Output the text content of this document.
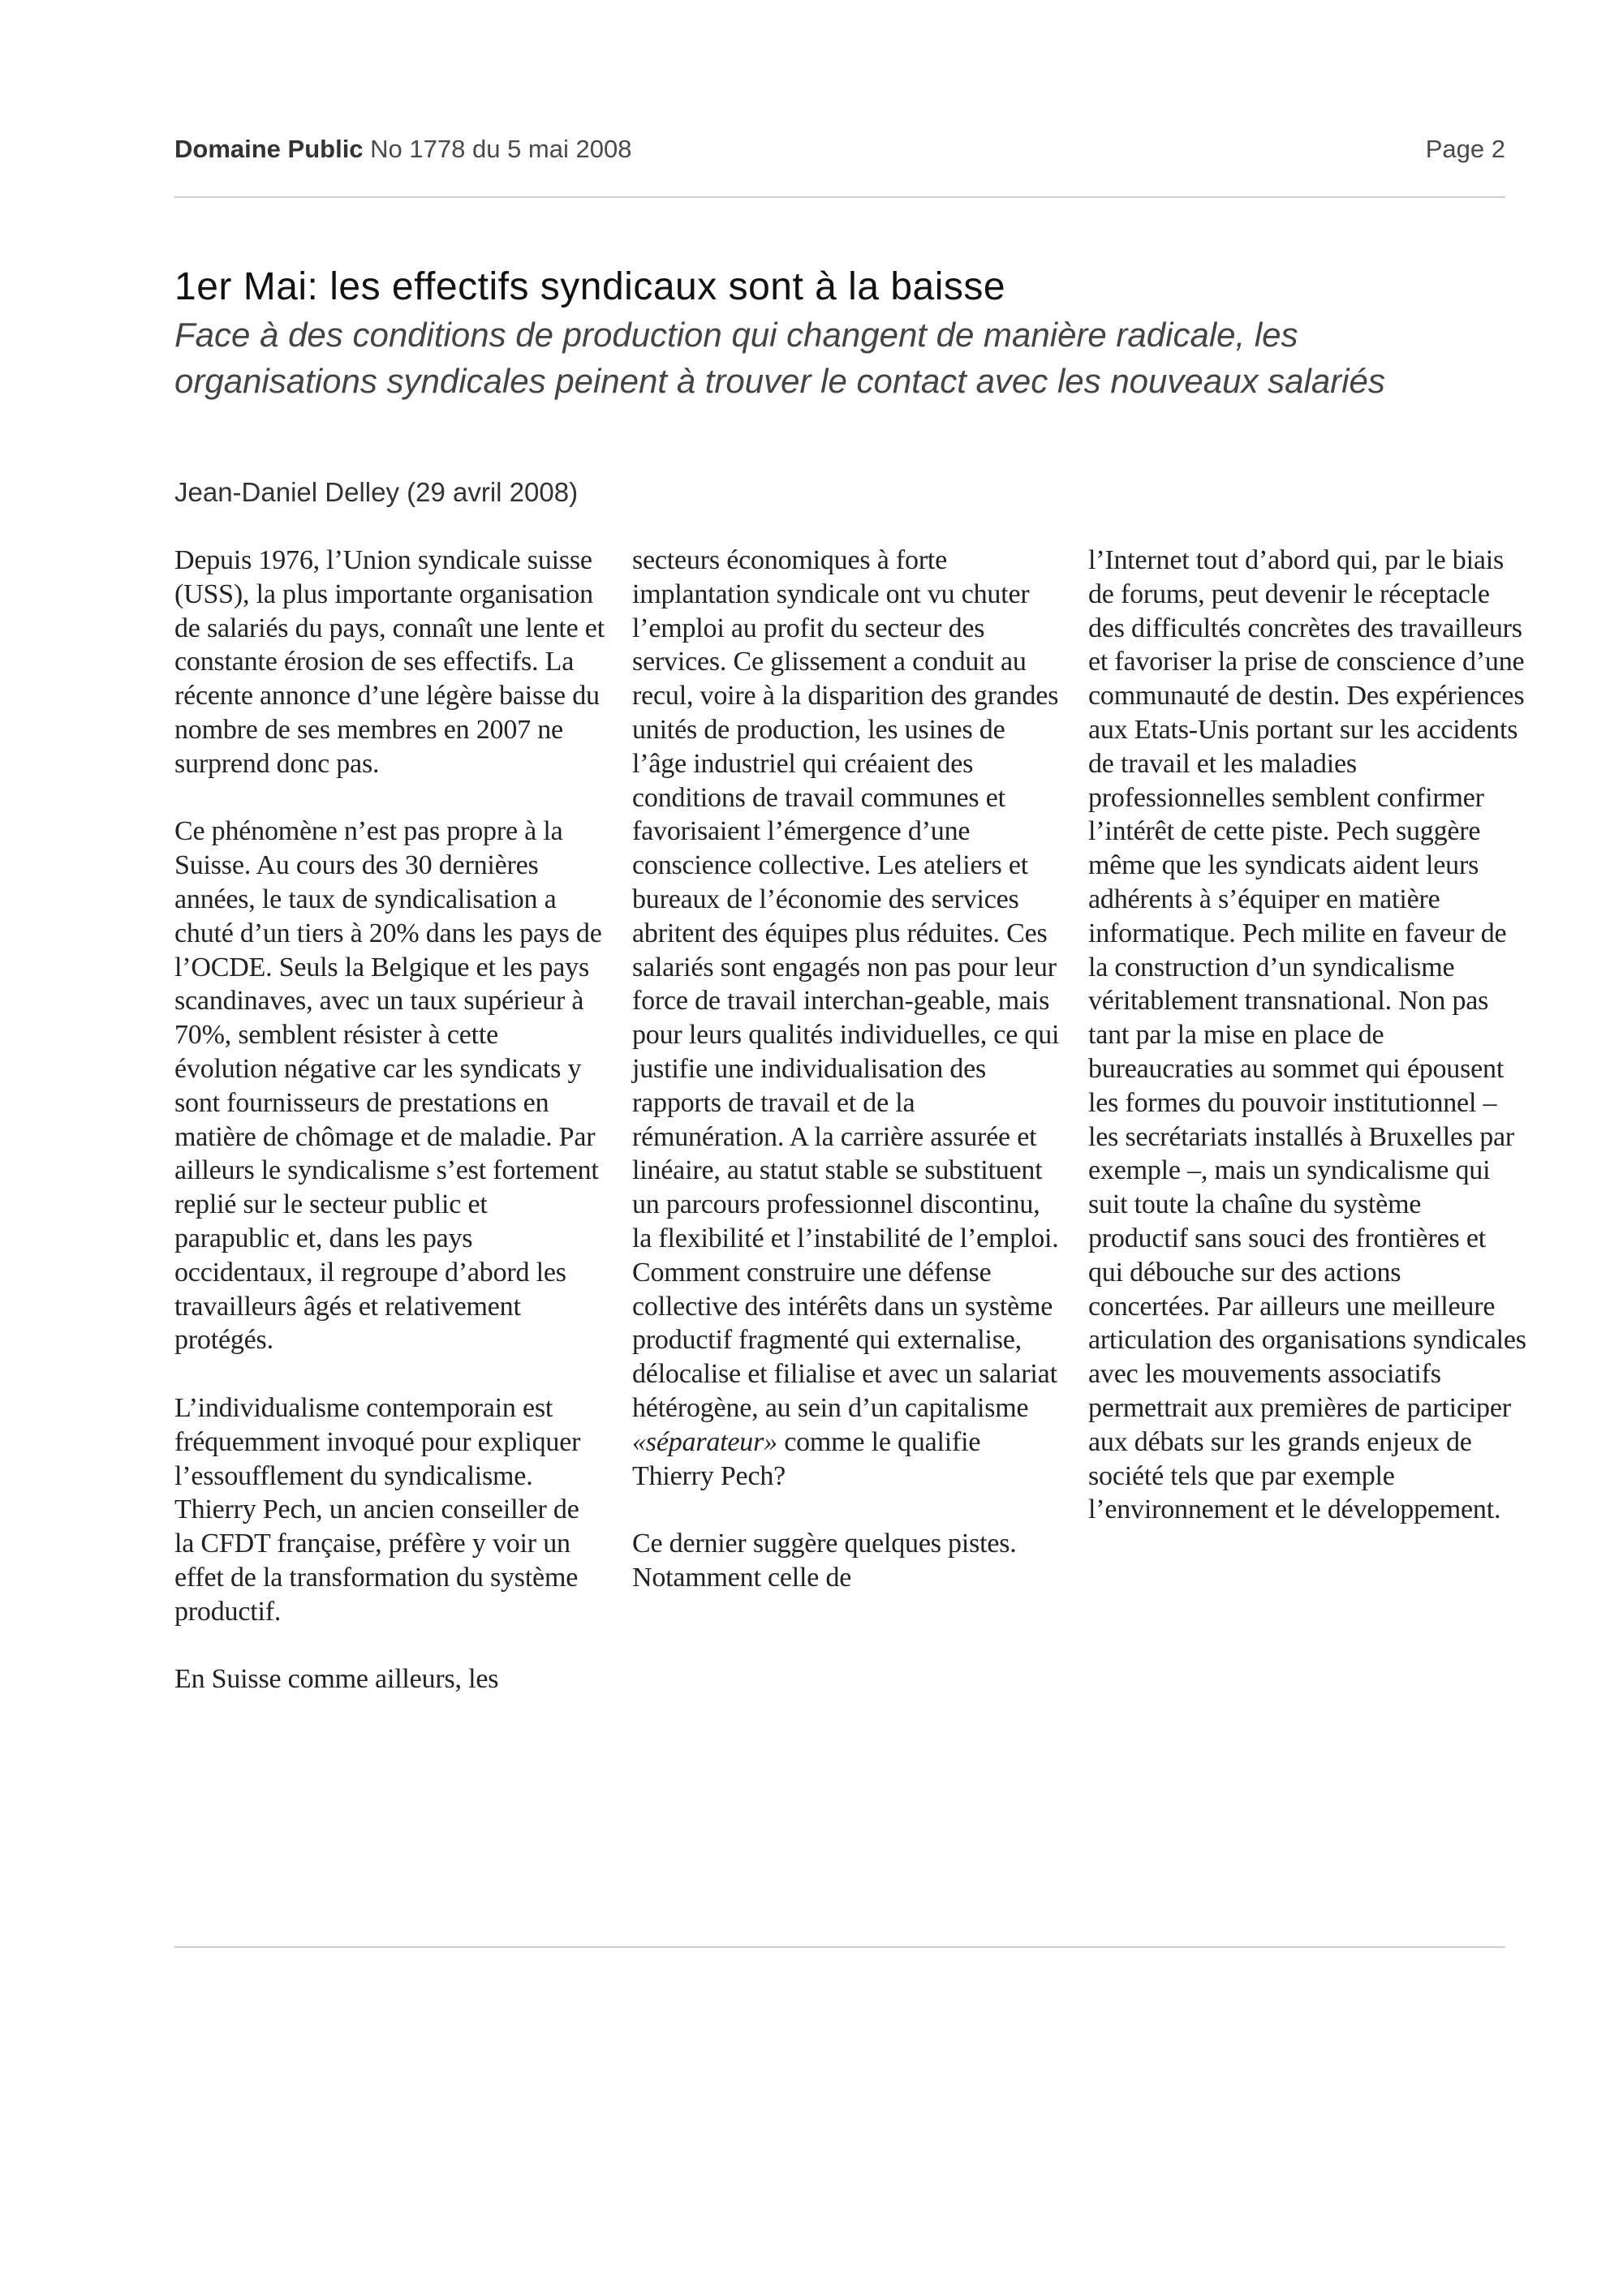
Domaine Public No 1778 du 5 mai 2008	Page 2
1er Mai: les effectifs syndicaux sont à la baisse
Face à des conditions de production qui changent de manière radicale, les organisations syndicales peinent à trouver le contact avec les nouveaux salariés
Jean-Daniel Delley (29 avril 2008)

Depuis 1976, l’Union syndicale suisse (USS), la plus importante organisation de salariés du pays, connaît une lente et constante érosion de ses effectifs. La récente annonce d’une légère baisse du nombre de ses membres en 2007 ne surprend donc pas.

Ce phénomène n’est pas propre à la Suisse. Au cours des 30 dernières années, le taux de syndicalisation a chuté d’un tiers à 20% dans les pays de l’OCDE. Seuls la Belgique et les pays scandinaves, avec un taux supérieur à 70%, semblent résister à cette évolution négative car les syndicats y sont fournisseurs de prestations en matière de chômage et de maladie. Par ailleurs le syndicalisme s’est fortement replié sur le secteur public et parapublic et, dans les pays occidentaux, il regroupe d’abord les travailleurs âgés et relativement protégés.

L’individualisme contemporain est fréquemment invoqué pour expliquer l’essoufflement du syndicalisme. Thierry Pech, un ancien conseiller de la CFDT française, préfère y voir un effet de la transformation du système productif.

En Suisse comme ailleurs, les

secteurs économiques à forte implantation syndicale ont vu chuter l’emploi au profit du secteur des services. Ce glissement a conduit au recul, voire à la disparition des grandes unités de production, les usines de l’âge industriel qui créaient des conditions de travail communes et favorisaient l’émergence d’une conscience collective. Les ateliers et bureaux de l’économie des services abritent des équipes plus réduites. Ces salariés sont engagés non pas pour leur force de travail interchan-geable, mais pour leurs qualités individuelles, ce qui justifie une individualisation des rapports de travail et de la rémunération. A la carrière assurée et linéaire, au statut stable se substituent un parcours professionnel discontinu, la flexibilité et l’instabilité de l’emploi. Comment construire une défense collective des intérêts dans un système productif fragmenté qui externalise, délocalise et filialise et avec un salariat hétérogène, au sein d’un capitalisme «séparateur» comme le qualifie Thierry Pech?

Ce dernier suggère quelques pistes. Notamment celle de

l’Internet tout d’abord qui, par le biais de forums, peut devenir le réceptacle des difficultés concrètes des travailleurs et favoriser la prise de conscience d’une communauté de destin. Des expériences aux Etats-Unis portant sur les accidents de travail et les maladies professionnelles semblent confirmer l’intérêt de cette piste. Pech suggère même que les syndicats aident leurs adhérents à s’équiper en matière informatique. Pech milite en faveur de la construction d’un syndicalisme véritablement transnational. Non pas tant par la mise en place de bureaucraties au sommet qui épousent les formes du pouvoir institutionnel – les secrétariats installés à Bruxelles par exemple –, mais un syndicalisme qui suit toute la chaîne du système productif sans souci des frontières et qui débouche sur des actions concertées. Par ailleurs une meilleure articulation des organisations syndicales avec les mouvements associatifs permettrait aux premières de participer aux débats sur les grands enjeux de société tels que par exemple l’environnement et le développement.
